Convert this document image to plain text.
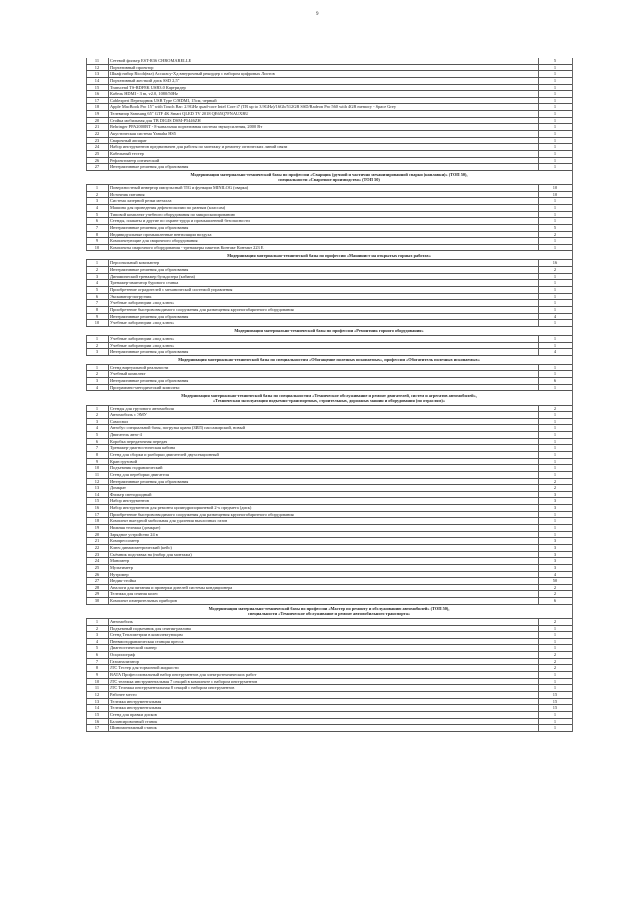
9
11	Сетевой фильтр EST-R36 CHROMARELLE	5
12	Портативный проектор	1
13	Шкаф набор Ricoh(вэл) Accuracy-Хд внеурочный рекордер с набором цифровых Листов	1
14	Портативный жесткий диск SSD 2,5"	1
15	Transcend TS-RDF8K USB3.0 Картридер	1
16	Кабель HDMI - 3 m, v2.0, 1080/50Hz	1
17	Cablexpert Переходник USB Type C/HDMI, 15см, черный	1
18	Apple MacBook Pro 15" with Touch Bar: 2.9GHz quad-core Intel Core i7 (TB up to 3.9GHz)/16Gb/512GB SSD/Radeon Pro 560 with 4GB memory - Space Grey	1
19	Телевизор Samsung 65" GTF 4K Smart QLED TV 2018 QE65Q7FNAUXRU	1
20	Стойка мобильная для ТВ DIGIS DSM-P5446ZH	1
21	Behringer PPA2000BT - 8-канальная портативная система звукоусиления, 2000 Вт	1
22	Акустическая система Yamaha HS5	1
23	Сварочный аппарат	1
24	Набор инструментов предназначен для работы по монтажу и ремонту оптических линий связи	1
25	Кабельный тестер	1
26	Рефлектометр оптический	1
27	Интерактивные решения для образования	1
Модернизация материально-технической базы по профессии «Сварщик (ручной и частично механизированной сварки (наплавки)» (ТОП 50),
специальности «Сварочное производство» (ТОП 50)
1	Поверхностный инвертор импульсный TIG и функции MINILOG (сварка)	10
2	Источник питания	10
3	Система лазерной резки металла	1
4	Машина для проведения дефектоскопии по разным (классам)	1
5	Типовой комплект учебного оборудования по микроскопированию	1
6	Стенды, плакаты и другие по охране труда и промышленной безопасности	1
7	Интерактивные решения для образования	5
8	Индивидуальные промышленные вентиляции воздуха	2
9	Комплектующие для сварочного оборудования	1
10	Комплекты сварочного оборудования - тренажеры пакетов Контакт Контакт 223 Е	1
Модернизация материально-технической базы по профессии «Машинист на открытых горных работах»
1	Персональный компьютер	16
2	Интерактивные решения для образования	2
3	Динамический тренажер бульдозера (кабина)	1
4	Тренажер-имитатор бурового станка	1
5	Приобретение оградителей с механической системой управления	1
6	Экскаватор-погрузчик	1
7	Учебные лаборатории «под ключ»	1
8	Приобретение быстровозводимого сооружения для размещения крупногабаритного оборудования	1
9	Интерактивные решения для образования	4
10	Учебные лаборатории «под ключ»	1
Модернизация материально-технической базы по профессии «Ремонтник горного оборудования»
1	Учебные лаборатории «под ключ»	1
2	Учебные лаборатории «под ключ»	1
3	Интерактивные решения для образования	4
Модернизация материально-технической базы по специальностям «Обогащение полезных ископаемых», профессии «Обогатитель полезных ископаемых»
1	Стенд виртуальной реальности	1
2	Учебный комплект	1
3	Интерактивные решения для образования	6
4	Программно-методический комплекс	1
Модернизация материально-технической базы по специальностям «Техническое обслуживание и ремонт двигателей, систем и агрегатов автомобилей»,
«Техническая эксплуатация подъемно-транспортных, строительных, дорожных машин и оборудования (по отраслям)»
1	Стенды для грузового автомобиля	2
2	Автомобиль с ЭМУ	1
3	Самосвал	1
4	Автобус специальной базы, погрузка крана (ЗИЛ) пассажирский, новый	1
5	Двигатель авто-4	1
6	Коробка передаточная передач	1
7	Тренажер-диагностическая кабина	1
8	Стенд для сборки и разборки двигателей двухсекционный	1
9	Кран грузовой	1
10	Подъемник гидравлический	1
11	Стенд для переборки двигателя	1
12	Интерактивные решения для образования	2
13	Домкрат	2
14	Фильтр светодиодный	3
15	Набор инструментов	3
16	Набор инструментов для ремонта цилиндропоршневой 2-х предмета (диск)	3
17	Приобретение быстровозводимого сооружения для размещения крупногабаритного оборудования	1
18	Комплект выездной мобильная для удаления выхлопных газов	1
19	Нижняя тележка (домкрат)	1
20	Зарядное устройство 24 в	1
21	Компрессометр	3
22	Ключ динамометрический (кейс)	3
23	Съёмник подставка на (набор для монтажа)	3
24	Манометр	3
25	Мультиметр	3
26	Нутромер	4
27	Индик-стойка	50
28	Аналоги для питания и проверки дизелей системы кондиционера	2
29	Тележка для снятия колес	2
30	Комплект измерительных приборов	6
Модернизация материально-технической базы по профессии «Мастер по ремонту и обслуживанию автомобилей» (ТОП 50),
специальности «Техническое обслуживание и ремонт автомобильного транспорта»
1	Автомобиль	2
2	Подъемный подъемник для снятия-разлива	1
3	Стенд Теплометрии в комплектующим	1
4	Пневмогидравлическая станция пресса	1
5	Диагностический сканер	1
6	Осциллограф	2
7	Газоанализатор	2
8	JTC Тестер для тормозной жидкости	2
9	BATA Профессиональный набор инструментов для электротехнических работ	1
10	JTC тележка инструментальная 7 секций в комплекте с набором инструментов	1
11	JTC Тележка инструментальная 8 секций с набором инструментов	1
12	Рабочее место	15
13	Тележка инструментальная	15
14	Тележка инструментальная	15
15	Стенд для правки дисков	1
16	Балансировочный станок	1
17	Шиномонтажный станок	1
